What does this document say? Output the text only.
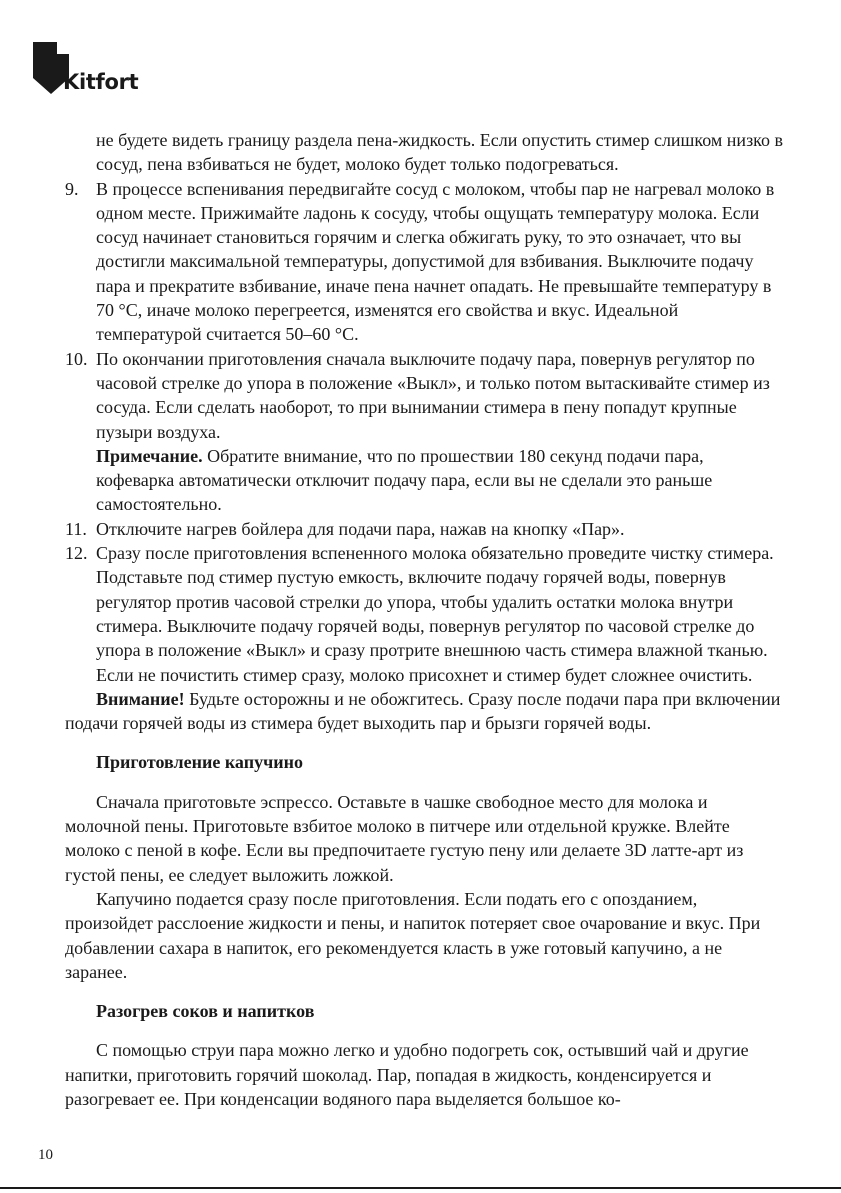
Kitfort

не будете видеть границу раздела пена-жидкость. Если опустить стимер слишком низко в сосуд, пена взбиваться не будет, молоко будет только подогреваться.

9. В процессе вспенивания передвигайте сосуд с молоком, чтобы пар не нагревал молоко в одном месте. Прижимайте ладонь к сосуду, чтобы ощущать температуру молока. Если сосуд начинает становиться горячим и слегка обжигать руку, то это означает, что вы достигли максимальной температуры, допустимой для взбивания. Выключите подачу пара и прекратите взбивание, иначе пена начнет опадать. Не превышайте температуру в 70 °C, иначе молоко перегреется, изменятся его свойства и вкус. Идеальной температурой считается 50–60 °C.

10. По окончании приготовления сначала выключите подачу пара, повернув регулятор по часовой стрелке до упора в положение «Выкл», и только потом вытаскивайте стимер из сосуда. Если сделать наоборот, то при вынимании стимера в пену попадут крупные пузыри воздуха.

Примечание. Обратите внимание, что по прошествии 180 секунд подачи пара, кофеварка автоматически отключит подачу пара, если вы не сделали это раньше самостоятельно.

11. Отключите нагрев бойлера для подачи пара, нажав на кнопку «Пар».

12. Сразу после приготовления вспененного молока обязательно проведите чистку стимера. Подставьте под стимер пустую емкость, включите подачу горячей воды, повернув регулятор против часовой стрелки до упора, чтобы удалить остатки молока внутри стимера. Выключите подачу горячей воды, повернув регулятор по часовой стрелке до упора в положение «Выкл» и сразу протрите внешнюю часть стимера влажной тканью. Если не почистить стимер сразу, молоко присохнет и стимер будет сложнее очистить.

Внимание! Будьте осторожны и не обожгитесь. Сразу после подачи пара при включении подачи горячей воды из стимера будет выходить пар и брызги горячей воды.

Приготовление капучино

Сначала приготовьте эспрессо. Оставьте в чашке свободное место для молока и молочной пены. Приготовьте взбитое молоко в питчере или отдельной кружке. Влейте молоко с пеной в кофе. Если вы предпочитаете густую пену или делаете 3D латте-арт из густой пены, ее следует выложить ложкой.

Капучино подается сразу после приготовления. Если подать его с опозданием, произойдет расслоение жидкости и пены, и напиток потеряет свое очарование и вкус. При добавлении сахара в напиток, его рекомендуется класть в уже готовый капучино, а не заранее.

Разогрев соков и напитков

С помощью струи пара можно легко и удобно подогреть сок, остывший чай и другие напитки, приготовить горячий шоколад. Пар, попадая в жидкость, конденсируется и разогревает ее. При конденсации водяного пара выделяется большое ко-

10
